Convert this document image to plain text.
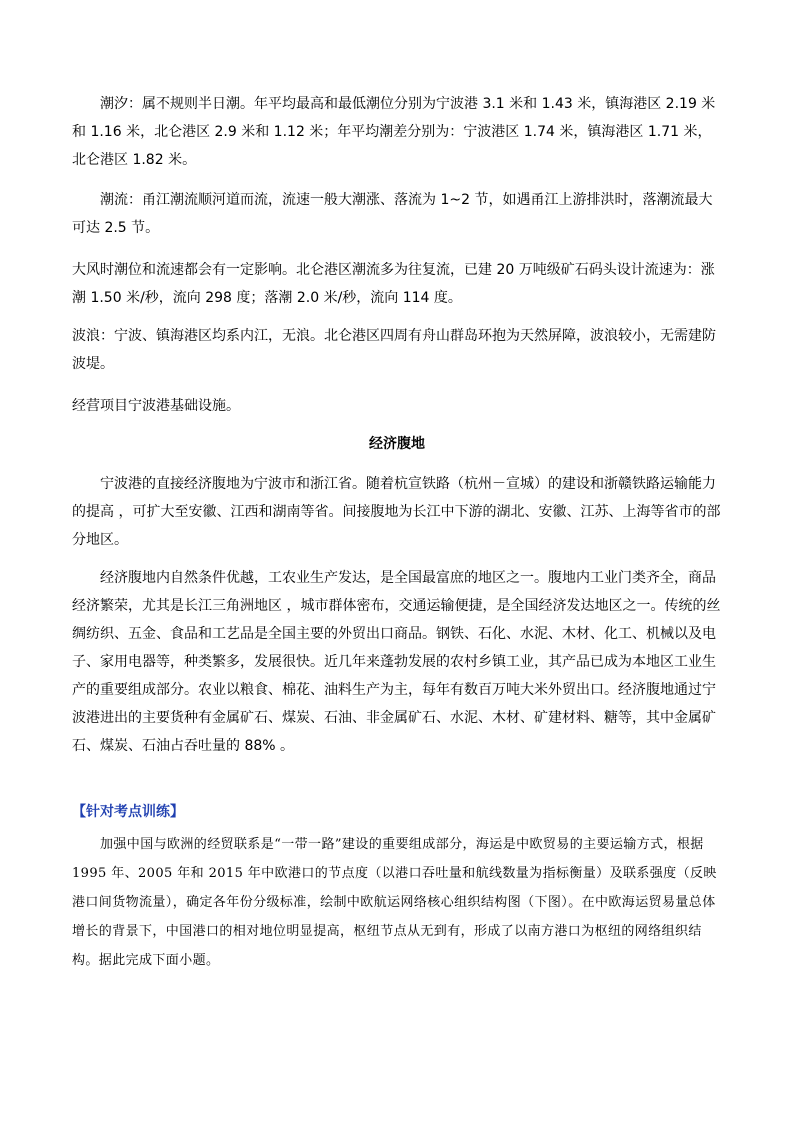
潮汐：属不规则半日潮。年平均最高和最低潮位分别为宁波港 3.1 米和 1.43 米，镇海港区 2.19 米和 1.16 米，北仑港区 2.9 米和 1.12 米；年平均潮差分别为：宁波港区 1.74 米，镇海港区 1.71 米，北仑港区 1.82 米。

潮流：甬江潮流顺河道而流，流速一般大潮涨、落流为 1~2 节，如遇甬江上游排洪时，落潮流最大可达 2.5 节。

大风时潮位和流速都会有一定影响。北仑港区潮流多为往复流，已建 20 万吨级矿石码头设计流速为：涨潮 1.50 米/秒，流向 298 度；落潮 2.0 米/秒，流向 114 度。

波浪：宁波、镇海港区均系内江，无浪。北仑港区四周有舟山群岛环抱为天然屏障，波浪较小，无需建防波堤。

经营项目宁波港基础设施。

经济腹地

宁波港的直接经济腹地为宁波市和浙江省。随着杭宣铁路（杭州－宣城）的建设和浙赣铁路运输能力的提高 ，可扩大至安徽、江西和湖南等省。间接腹地为长江中下游的湖北、安徽、江苏、上海等省市的部分地区。

经济腹地内自然条件优越，工农业生产发达，是全国最富庶的地区之一。腹地内工业门类齐全，商品经济繁荣，尤其是长江三角洲地区 ，城市群体密布，交通运输便捷，是全国经济发达地区之一。传统的丝绸纺织、五金、食品和工艺品是全国主要的外贸出口商品。钢铁、石化、水泥、木材、化工、机械以及电子、家用电器等，种类繁多，发展很快。近几年来蓬勃发展的农村乡镇工业，其产品已成为本地区工业生产的重要组成部分。农业以粮食、棉花、油料生产为主，每年有数百万吨大米外贸出口。经济腹地通过宁波港进出的主要货种有金属矿石、煤炭、石油、非金属矿石、水泥、木材、矿建材料、糖等，其中金属矿石、煤炭、石油占吞吐量的 88% 。

【针对考点训练】

加强中国与欧洲的经贸联系是“一带一路”建设的重要组成部分，海运是中欧贸易的主要运输方式，根据 1995 年、2005 年和 2015 年中欧港口的节点度（以港口吞吐量和航线数量为指标衡量）及联系强度（反映港口间货物流量），确定各年份分级标准，绘制中欧航运网络核心组织结构图（下图）。在中欧海运贸易量总体增长的背景下，中国港口的相对地位明显提高，枢纽节点从无到有，形成了以南方港口为枢纽的网络组织结构。据此完成下面小题。
